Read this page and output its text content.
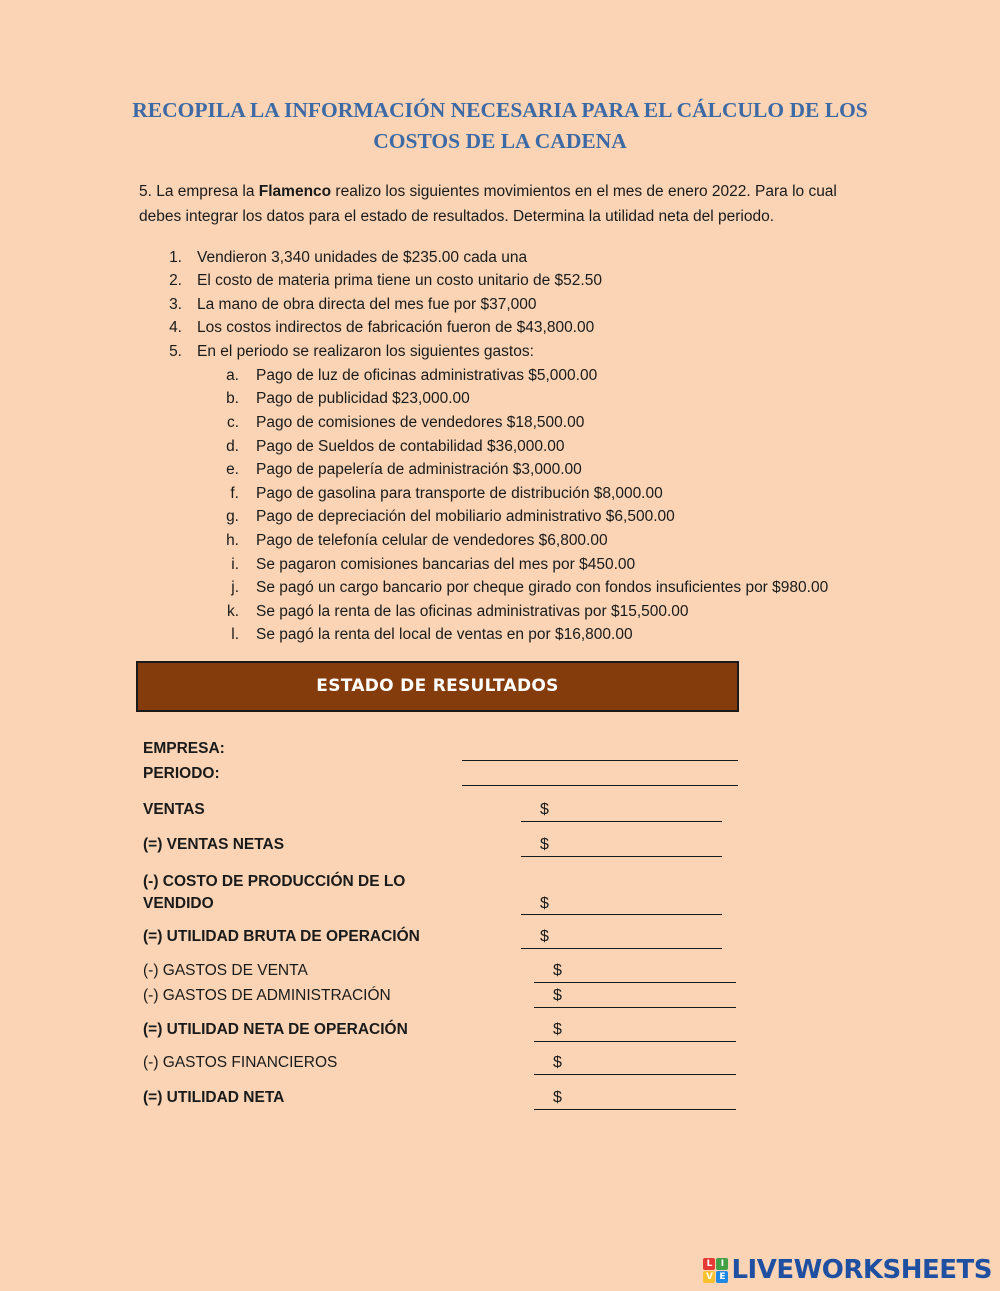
RECOPILA LA INFORMACIÓN NECESARIA PARA EL CÁLCULO DE LOS
COSTOS DE LA CADENA
5. La empresa la Flamenco realizo los siguientes movimientos en el mes de enero 2022. Para lo cual debes integrar los datos para el estado de resultados. Determina la utilidad neta del periodo.
1. Vendieron 3,340 unidades de $235.00 cada una
2. El costo de materia prima tiene un costo unitario de $52.50
3. La mano de obra directa del mes fue por $37,000
4. Los costos indirectos de fabricación fueron de $43,800.00
5. En el periodo se realizaron los siguientes gastos:
a. Pago de luz de oficinas administrativas $5,000.00
b. Pago de publicidad $23,000.00
c. Pago de comisiones de vendedores $18,500.00
d. Pago de Sueldos de contabilidad $36,000.00
e. Pago de papelería de administración $3,000.00
f. Pago de gasolina para transporte de distribución $8,000.00
g. Pago de depreciación del mobiliario administrativo $6,500.00
h. Pago de telefonía celular de vendedores $6,800.00
i. Se pagaron comisiones bancarias del mes por $450.00
j. Se pagó un cargo bancario por cheque girado con fondos insuficientes por $980.00
k. Se pagó la renta de las oficinas administrativas por $15,500.00
l. Se pagó la renta del local de ventas en por $16,800.00
ESTADO DE RESULTADOS
EMPRESA:
PERIODO:
VENTAS	$
(=) VENTAS NETAS	$
(-) COSTO DE PRODUCCIÓN DE LO
VENDIDO	$
(=) UTILIDAD BRUTA DE OPERACIÓN	$
(-) GASTOS DE VENTA	$
(-) GASTOS DE ADMINISTRACIÓN	$
(=) UTILIDAD NETA DE OPERACIÓN	$
(-) GASTOS FINANCIEROS	$
(=) UTILIDAD NETA	$
L I
V E LIVEWORKSHEETS
